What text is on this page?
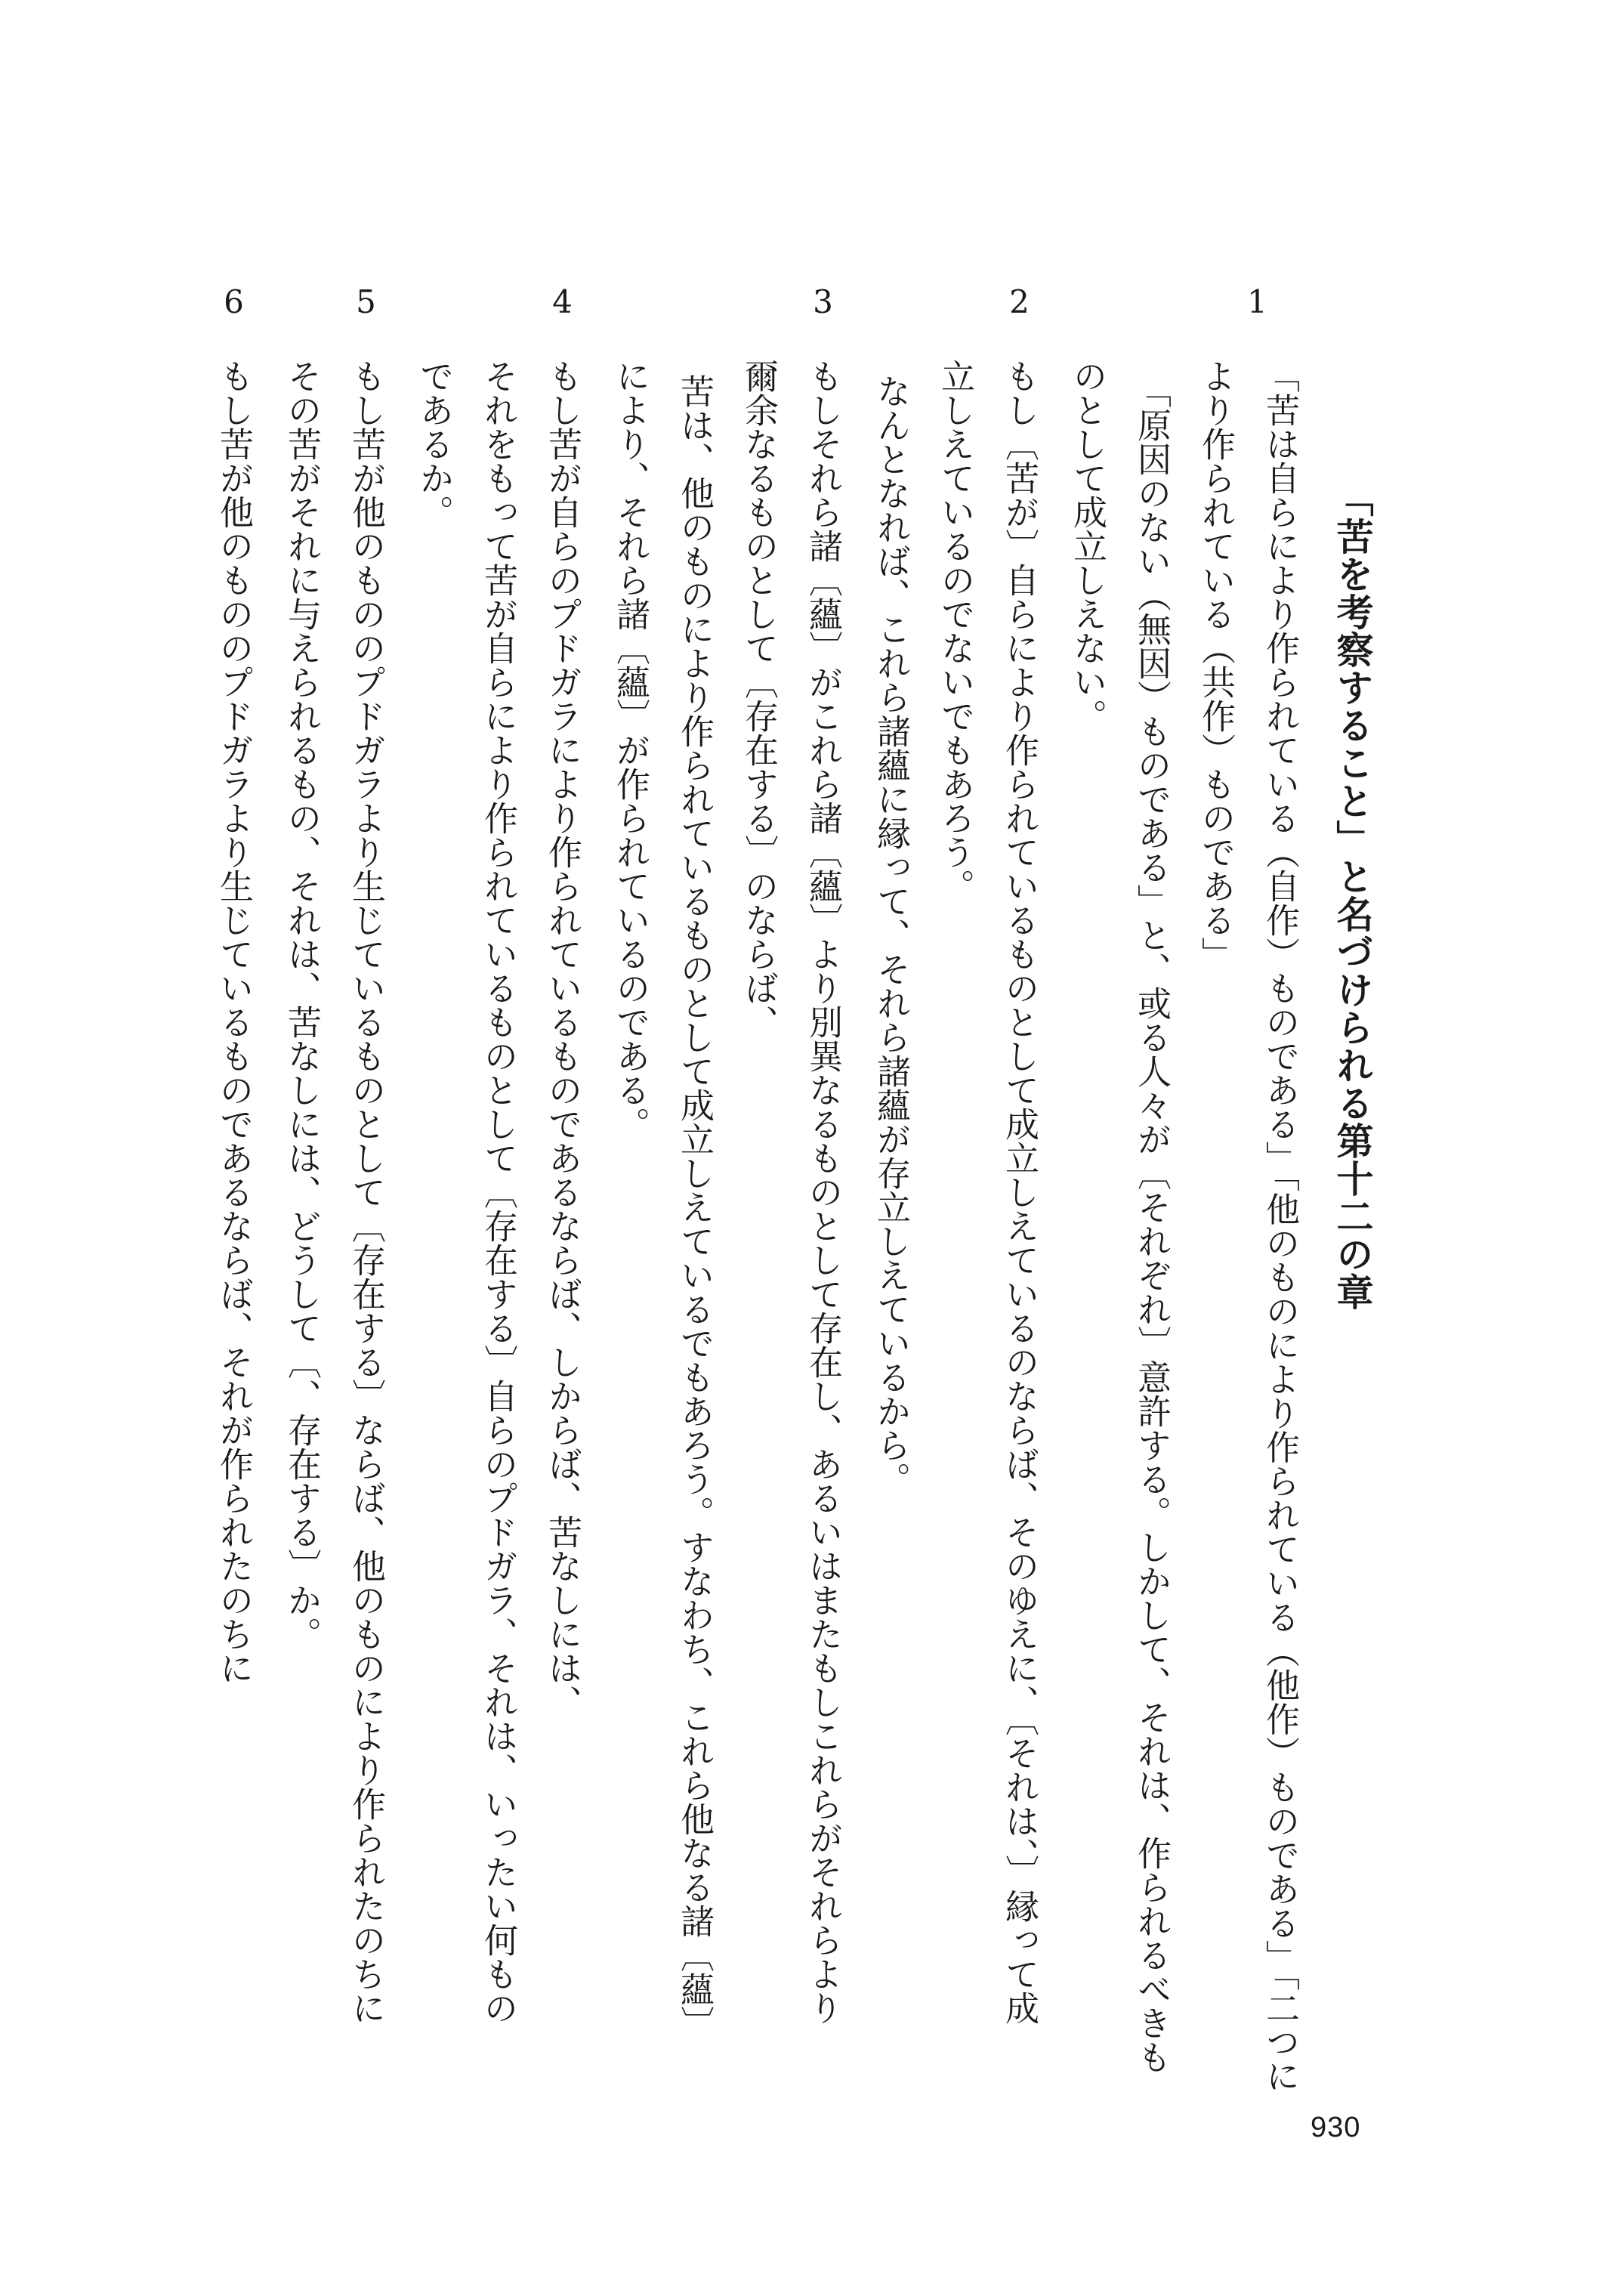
「苦を考察すること」と名づけられる第十二の章
1
「苦は自らにより作られている（自作）ものである」「他のものにより作られている（他作）ものである」「二つに
より作られている（共作）ものである」
「原因のない（無因）ものである」と、或る人々が〔それぞれ〕意許する。しかして、それは、作られるべきも
のとして成立しえない。
2
もし〔苦が〕自らにより作られているものとして成立しえているのならば、そのゆえに、〔それは、〕縁って成
立しえているのでないでもあろう。
なんとなれば、これら諸蘊に縁って、それら諸蘊が存立しえているから。
3
もしそれら諸〔蘊〕がこれら諸〔蘊〕より別異なるものとして存在し、あるいはまたもしこれらがそれらより
爾余なるものとして〔存在する〕のならば、
苦は、他のものにより作られているものとして成立しえているでもあろう。すなわち、これら他なる諸〔蘊〕
により、それら諸〔蘊〕が作られているのである。
4
もし苦が自らのプドガラにより作られているものであるならば、しからば、苦なしには、
それをもって苦が自らにより作られているものとして〔存在する〕自らのプドガラ、それは、いったい何もの
であるか。
5
もし苦が他のもののプドガラより生じているものとして〔存在する〕ならば、他のものにより作られたのちに
その苦がそれに与えられるもの、それは、苦なしには、どうして〔、存在する〕か。
6
もし苦が他のもののプドガラより生じているものであるならば、それが作られたのちに
930
